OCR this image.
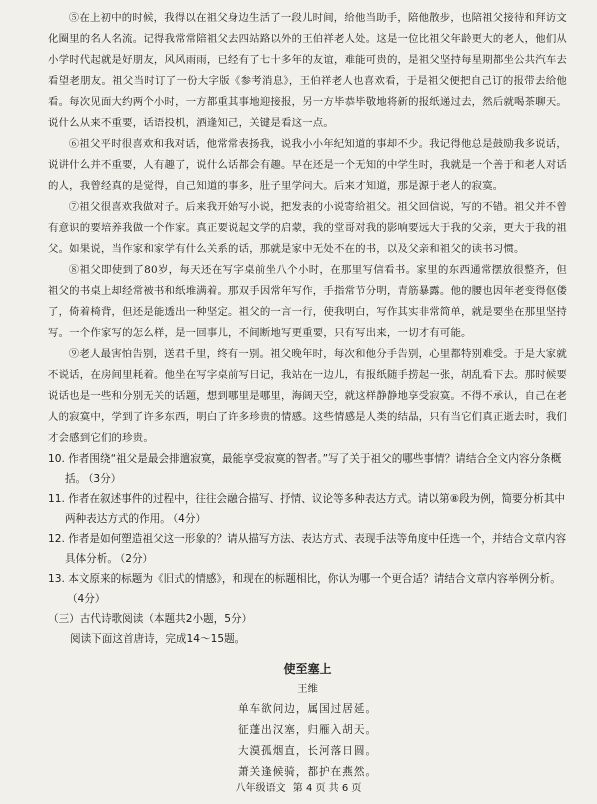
⑤在上初中的时候，我得以在祖父身边生活了一段儿时间，给他当助手，陪他散步，也陪祖父接待和拜访文化圈里的名人名流。记得我常常陪祖父去四站路以外的王伯祥老人处。这是一位比祖父年龄更大的老人，他们从小学时代起就是好朋友，风风雨雨，已经有了七十多年的友谊，难能可贵的，是祖父坚持每星期都坐公共汽车去看望老朋友。祖父当时订了一份大字版《参考消息》，王伯祥老人也喜欢看，于是祖父便把自己订的报带去给他看。每次见面大约两个小时，一方都重其事地迎接报，另一方毕恭毕敬地将新的报纸递过去，然后就喝茶聊天。说什么从来不重要，话语投机，酒逢知己，关键是看这一点。

⑥祖父平时很喜欢和我对话，他常常表扬我，说我小小年纪知道的事却不少。我记得他总是鼓励我多说话，说讲什么并不重要，人有趣了，说什么话都会有趣。早在还是一个无知的中学生时，我就是一个善于和老人对话的人，我曾经真的是觉得，自己知道的事多，肚子里学问大。后来才知道，那是源于老人的寂寞。

⑦祖父很喜欢我做对子。后来我开始写小说，把发表的小说寄给祖父。祖父回信说，写的不错。祖父并不曾有意识的要培养我做一个作家。真正要说起文学的启蒙，我的堂哥对我的影响要远大于我的父亲，更大于我的祖父。如果说，当作家和家学有什么关系的话，那就是家中无处不在的书，以及父亲和祖父的读书习惯。

⑧祖父即使到了80岁，每天还在写字桌前坐八个小时，在那里写信看书。家里的东西通常摆放很整齐，但祖父的书桌上却经常被书和纸堆满着。那双手因常年写作，手指常节分明，青筋暴露。他的腰也因年老变得伛偻了，倚着椅背，但还是能透出一种坚定。祖父的一言一行，使我明白，写作其实非常简单，就是要坐在那里坚持写。一个作家写的怎么样，是一回事儿，不间断地写更重要，只有写出来，一切才有可能。

⑨老人最害怕告别，送君千里，终有一别。祖父晚年时，每次和他分手告别，心里都特别难受。于是大家就不说话，在房间里耗着。他坐在写字桌前写日记，我站在一边儿，有报纸随手捞起一张，胡乱看下去。那时候要说话也是一些和分别无关的话题，想到哪里是哪里，海阔天空，就这样静静地享受寂寞。不得不承认，自己在老人的寂寞中，学到了许多东西，明白了许多珍贵的情感。这些情感是人类的结晶，只有当它们真正逝去时，我们才会感到它们的珍贵。

10. 作者围绕“祖父是最会排遣寂寞，最能享受寂寞的智者。”写了关于祖父的哪些事情？请结合全文内容分条概括。 （3分）

11. 作者在叙述事件的过程中，往往会融合描写、抒情、议论等多种表达方式。请以第⑧段为例，简要分析其中两种表达方式的作用。 （4分）

12. 作者是如何塑造祖父这一形象的？请从描写方法、表达方式、表现手法等角度中任选一个，并结合文章内容具体分析。 （2分）

13. 本文原来的标题为《旧式的情感》，和现在的标题相比，你认为哪一个更合适？请结合文章内容举例分析。（4分）

（三）古代诗歌阅读（本题共2小题，5分）

阅读下面这首唐诗，完成14～15题。

使至塞上
王维
单车欲问边，属国过居延。
征蓬出汉塞，归雁入胡天。
大漠孤烟直，长河落日圆。
萧关逢候骑，都护在燕然。
八年级语文 第 4 页 共 6 页
